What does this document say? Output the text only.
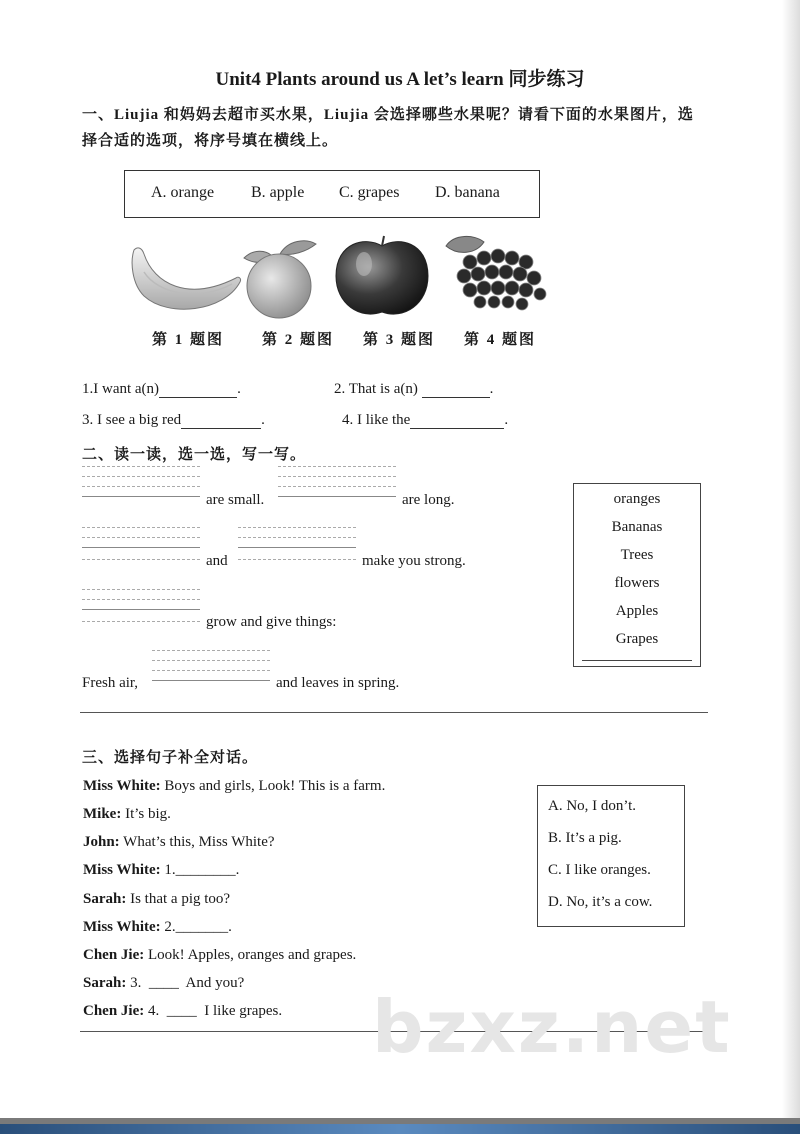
Unit4 Plants around us A let’s learn 同步练习
一、Liujia 和妈妈去超市买水果，Liujia 会选择哪些水果呢？请看下面的水果图片，选
择合适的选项，将序号填在横线上。
A. orange B. apple C. grapes D. banana
第 1 题图	第 2 题图 第 3 题图 第 4 题图
1.I want a(n)	.	2. That is a(n)	.
3. I see a big red	.	4. I like the	.
二、读一读，选一选，写一写。
are small.	are long.
and	make you strong.
grow and give things:
Fresh air,	and leaves in spring.
oranges
Bananas
Trees
flowers
Apples
Grapes
三、选择句子补全对话。
Miss White: Boys and girls, Look! This is a farm.
Mike: It’s big.
John: What’s this, Miss White?
Miss White: 1.________.
Sarah: Is that a pig too?
Miss White: 2._______.
Chen Jie: Look! Apples, oranges and grapes.
Sarah: 3.  ____  And you?
Chen Jie: 4.  ____  I like grapes.
A. No, I don’t.
B. It’s a pig.
C. I like oranges.
D. No, it’s a cow.
bzxz.net
